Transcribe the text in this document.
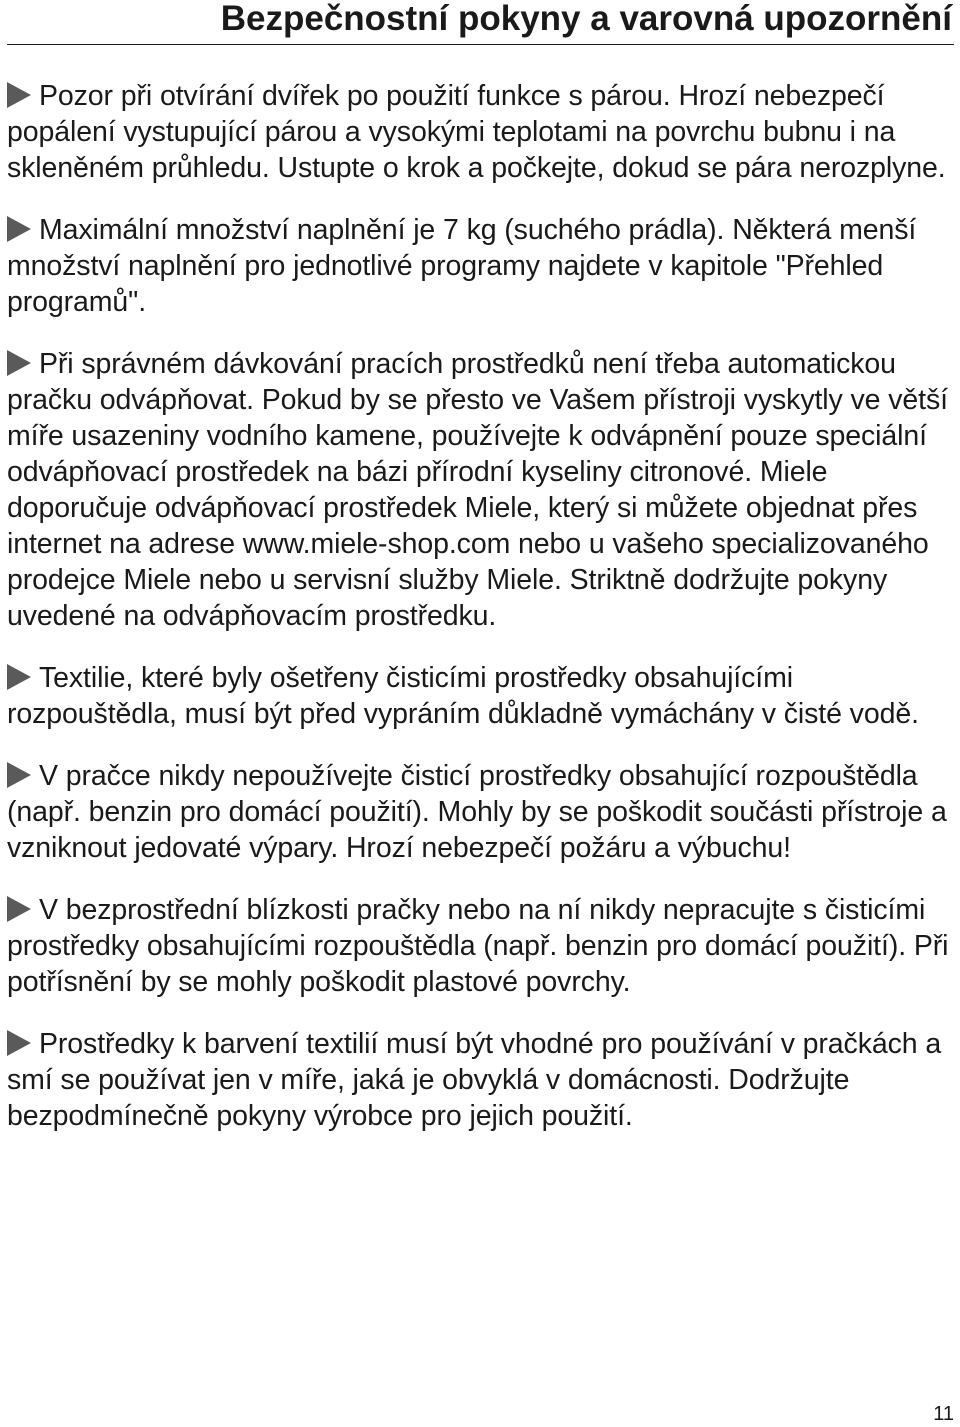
Bezpečnostní pokyny a varovná upozornění

Pozor při otvírání dvířek po použití funkce s párou. Hrozí nebezpečí popálení vystupující párou a vysokými teplotami na povrchu bubnu i na skleněném průhledu. Ustupte o krok a počkejte, dokud se pára nerozplyne.

Maximální množství naplnění je 7 kg (suchého prádla). Některá menší množství naplnění pro jednotlivé programy najdete v kapitole "Přehled programů".

Při správném dávkování pracích prostředků není třeba automatickou pračku odvápňovat. Pokud by se přesto ve Vašem přístroji vyskytly ve větší míře usazeniny vodního kamene, používejte k odvápnění pouze speciální odvápňovací prostředek na bázi přírodní kyseliny citronové. Miele doporučuje odvápňovací prostředek Miele, který si můžete objednat přes internet na adrese www.miele-shop.com nebo u vašeho specializovaného prodejce Miele nebo u servisní služby Miele. Striktně dodržujte pokyny uvedené na odvápňovacím prostředku.

Textilie, které byly ošetřeny čisticími prostředky obsahujícími rozpouštědla, musí být před vypráním důkladně vymáchány v čisté vodě.

V pračce nikdy nepoužívejte čisticí prostředky obsahující rozpouštědla (např. benzin pro domácí použití). Mohly by se poškodit součásti přístroje a vzniknout jedovaté výpary. Hrozí nebezpečí požáru a výbuchu!

V bezprostřední blízkosti pračky nebo na ní nikdy nepracujte s čisticími prostředky obsahujícími rozpouštědla (např. benzin pro domácí použití). Při potřísnění by se mohly poškodit plastové povrchy.

Prostředky k barvení textilií musí být vhodné pro používání v pračkách a smí se používat jen v míře, jaká je obvyklá v domácnosti. Dodržujte bezpodmínečně pokyny výrobce pro jejich použití.

11
